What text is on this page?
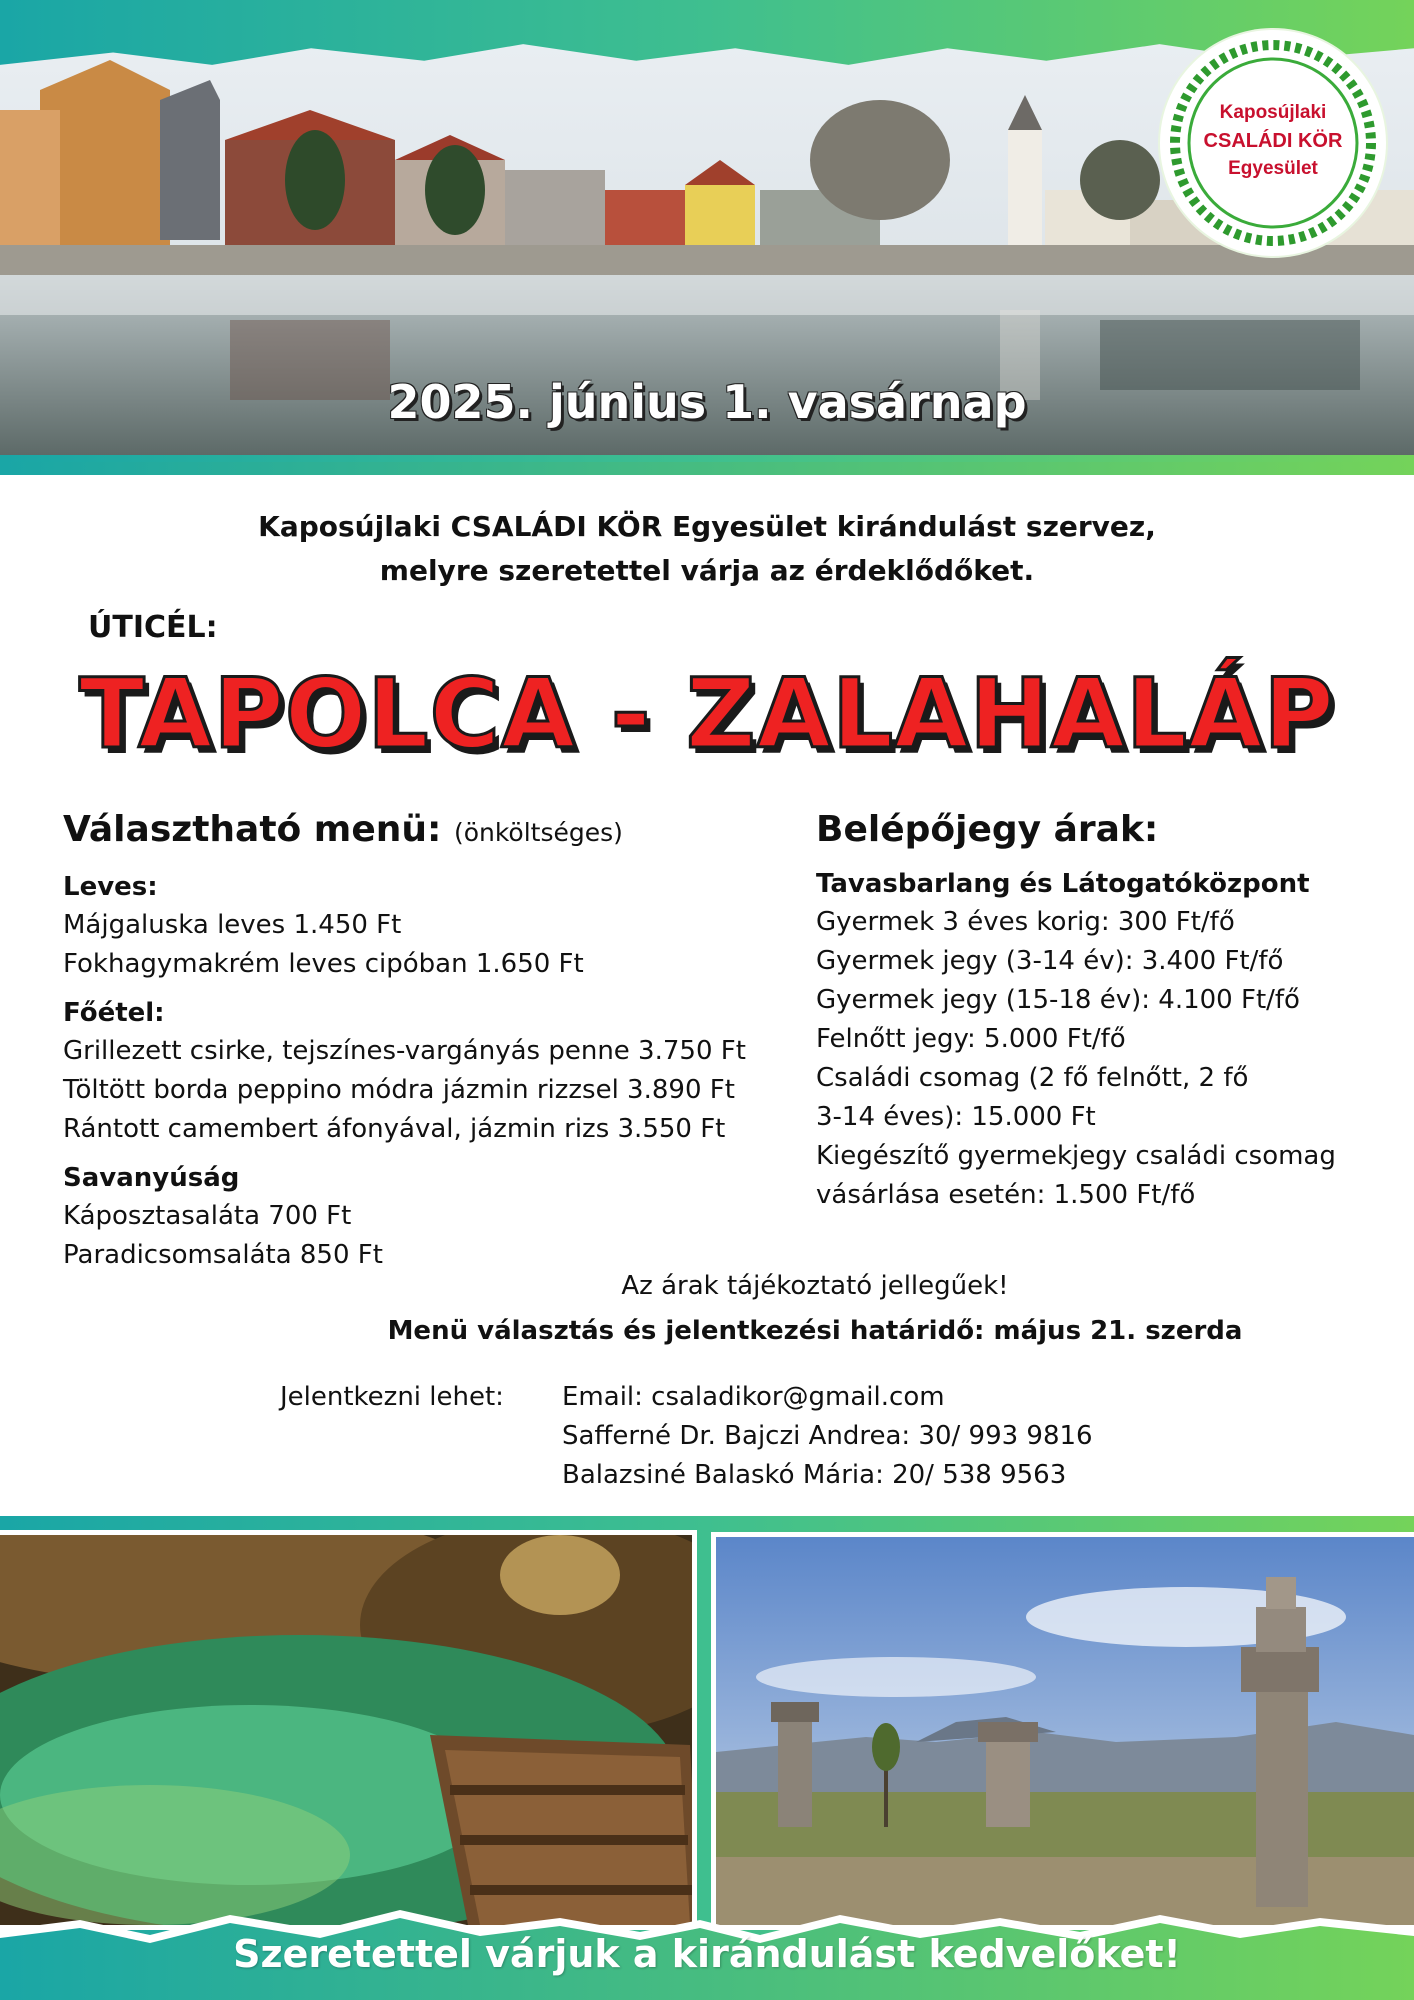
2025. június 1. vasárnap
Kaposújlaki
CSALÁDI KÖR
Egyesület
Kaposújlaki CSALÁDI KÖR Egyesület kirándulást szervez,
melyre szeretettel várja az érdeklődőket.
ÚTICÉL:
TAPOLCA - ZALAHALÁP
Választható menü: (önköltséges)
Leves:
Májgaluska leves 1.450 Ft
Fokhagymakrém leves cipóban 1.650 Ft
Főétel:
Grillezett csirke, tejszínes-vargányás penne 3.750 Ft
Töltött borda peppino módra jázmin rizzsel 3.890 Ft
Rántott camembert áfonyával, jázmin rizs 3.550 Ft
Savanyúság
Káposztasaláta 700 Ft
Paradicsomsaláta 850 Ft
Belépőjegy árak:
Tavasbarlang és Látogatóközpont
Gyermek 3 éves korig: 300 Ft/fő
Gyermek jegy (3-14 év): 3.400 Ft/fő
Gyermek jegy (15-18 év): 4.100 Ft/fő
Felnőtt jegy: 5.000 Ft/fő
Családi csomag (2 fő felnőtt, 2 fő
3-14 éves): 15.000 Ft
Kiegészítő gyermekjegy családi csomag
vásárlása esetén: 1.500 Ft/fő
Az árak tájékoztató jellegűek!
Menü választás és jelentkezési határidő: május 21. szerda
Jelentkezni lehet: Email: csaladikor@gmail.com
Safferné Dr. Bajczi Andrea: 30/ 993 9816
Balazsiné Balaskó Mária: 20/ 538 9563
Szeretettel várjuk a kirándulást kedvelőket!
